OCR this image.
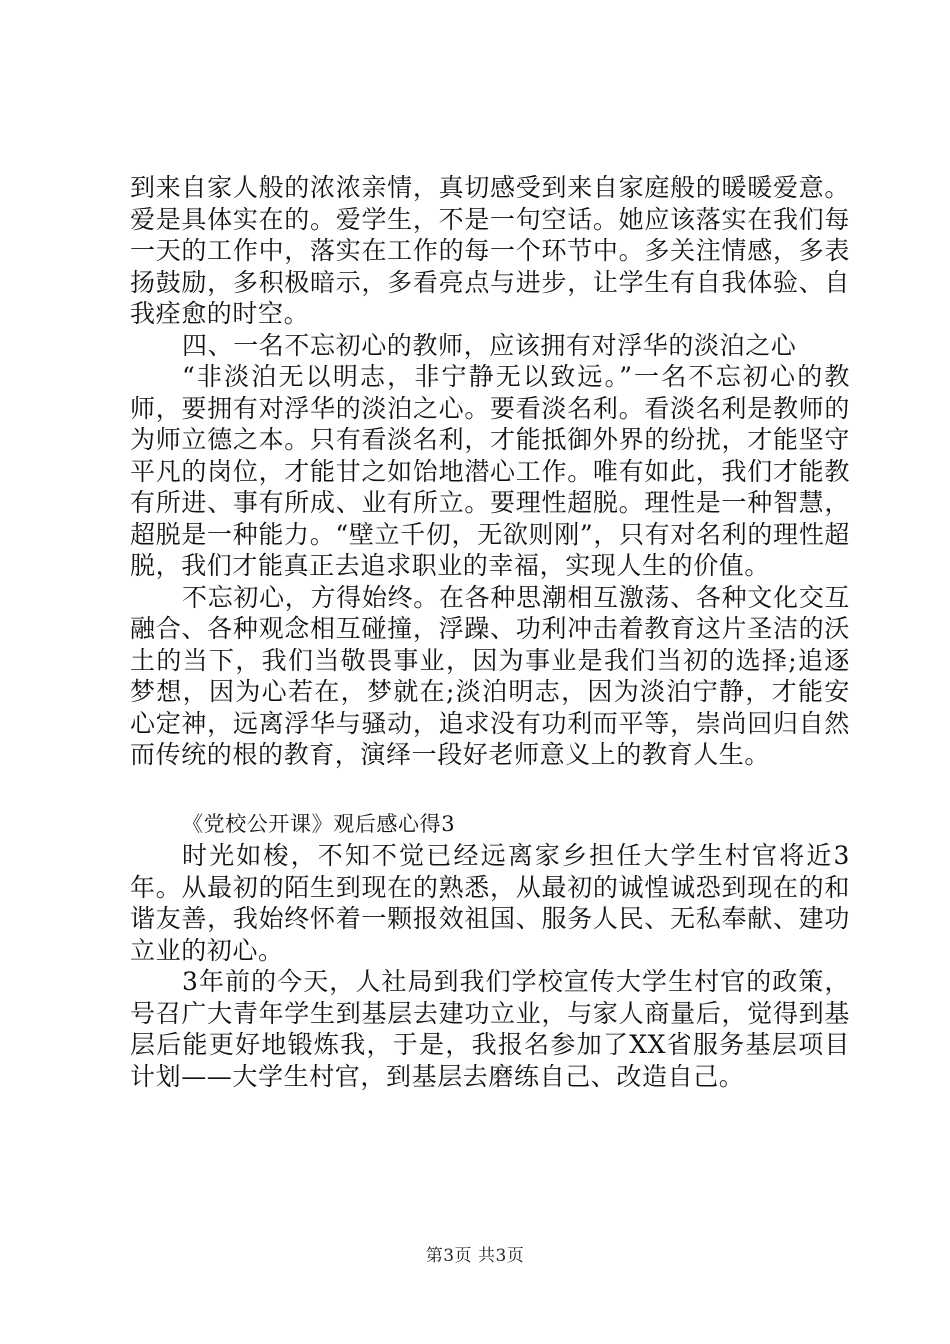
到来自家人般的浓浓亲情，真切感受到来自家庭般的暖暖爱意。爱是具体实在的。爱学生，不是一句空话。她应该落实在我们每一天的工作中，落实在工作的每一个环节中。多关注情感，多表扬鼓励，多积极暗示，多看亮点与进步，让学生有自我体验、自我痊愈的时空。

四、一名不忘初心的教师，应该拥有对浮华的淡泊之心

“非淡泊无以明志，非宁静无以致远。”一名不忘初心的教师，要拥有对浮华的淡泊之心。要看淡名利。看淡名利是教师的为师立德之本。只有看淡名利，才能抵御外界的纷扰，才能坚守平凡的岗位，才能甘之如饴地潜心工作。唯有如此，我们才能教有所进、事有所成、业有所立。要理性超脱。理性是一种智慧，超脱是一种能力。“壁立千仞，无欲则刚”，只有对名利的理性超脱，我们才能真正去追求职业的幸福，实现人生的价值。

不忘初心，方得始终。在各种思潮相互激荡、各种文化交互融合、各种观念相互碰撞，浮躁、功利冲击着教育这片圣洁的沃土的当下，我们当敬畏事业，因为事业是我们当初的选择;追逐梦想，因为心若在，梦就在;淡泊明志，因为淡泊宁静，才能安心定神，远离浮华与骚动，追求没有功利而平等，崇尚回归自然而传统的根的教育，演绎一段好老师意义上的教育人生。

《党校公开课》观后感心得3

时光如梭，不知不觉已经远离家乡担任大学生村官将近3年。从最初的陌生到现在的熟悉，从最初的诚惶诚恐到现在的和谐友善，我始终怀着一颗报效祖国、服务人民、无私奉献、建功立业的初心。

3年前的今天，人社局到我们学校宣传大学生村官的政策，号召广大青年学生到基层去建功立业，与家人商量后，觉得到基层后能更好地锻炼我，于是，我报名参加了XX省服务基层项目计划——大学生村官，到基层去磨练自己、改造自己。

第3页 共3页
